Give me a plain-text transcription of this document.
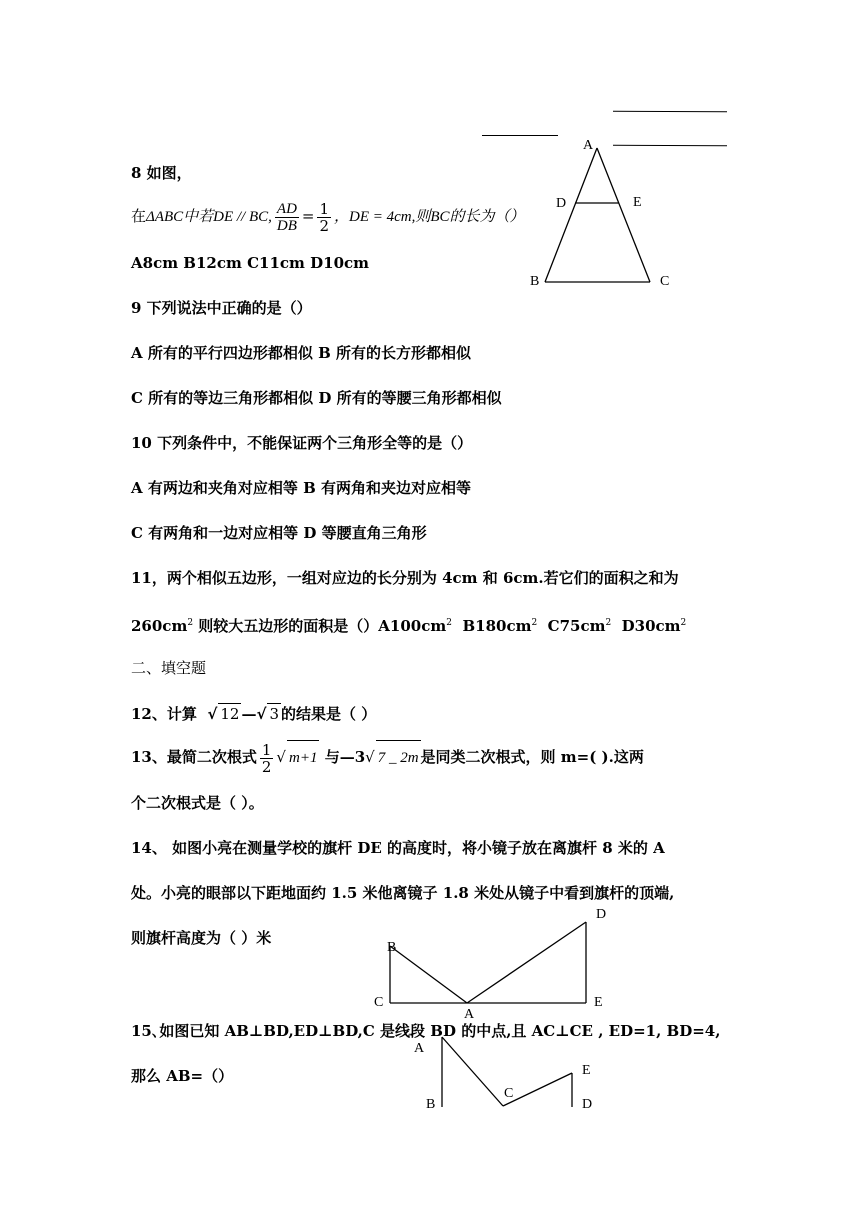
8 如图，
在ΔABC中若DE // BC, $\frac{AD}{DB} = \frac{1}{2}$ ，DE = 4cm,则BC的长为（）
A8cm B12cm C11cm D10cm
9 下列说法中正确的是（）
A 所有的平行四边形都相似 B 所有的长方形都相似
C 所有的等边三角形都相似 D 所有的等腰三角形都相似
10 下列条件中，不能保证两个三角形全等的是（）
A 有两边和夹角对应相等 B 有两角和夹边对应相等
C 有两角和一边对应相等 D 等腰直角三角形
11，两个相似五边形，一组对应边的长分别为 4cm 和 6cm.若它们的面积之和为
$260cm^2$ 则较大五边形的面积是$()A100cm^2$ $B180cm^2$ $C75cm^2$ $D30cm^2$
二、填空题
12、计算 √ 12 —√ 3 的结果是（ ）
13、最简二次根式 $\frac{1}{2}$ √ m+1 与—3√ 7 _ 2m 是同类二次根式，则 m=( ).这两
个二次根式是（ ）。
14、 如图小亮在测量学校的旗杆 DE 的高度时，将小镜子放在离旗杆 8 米的 A
处。小亮的眼部以下距地面约 1.5 米他离镜子 1.8 米处从镜子中看到旗杆的顶端,
则旗杆高度为（ ）米
15､如图已知 AB⊥BD,ED⊥BD,C 是线段 BD 的中点,且 AC⊥CE , ED=1, BD=4,
那么 AB=（）
A
D	E
B	C
B
C
A
D
E
A
B
C
E
D
